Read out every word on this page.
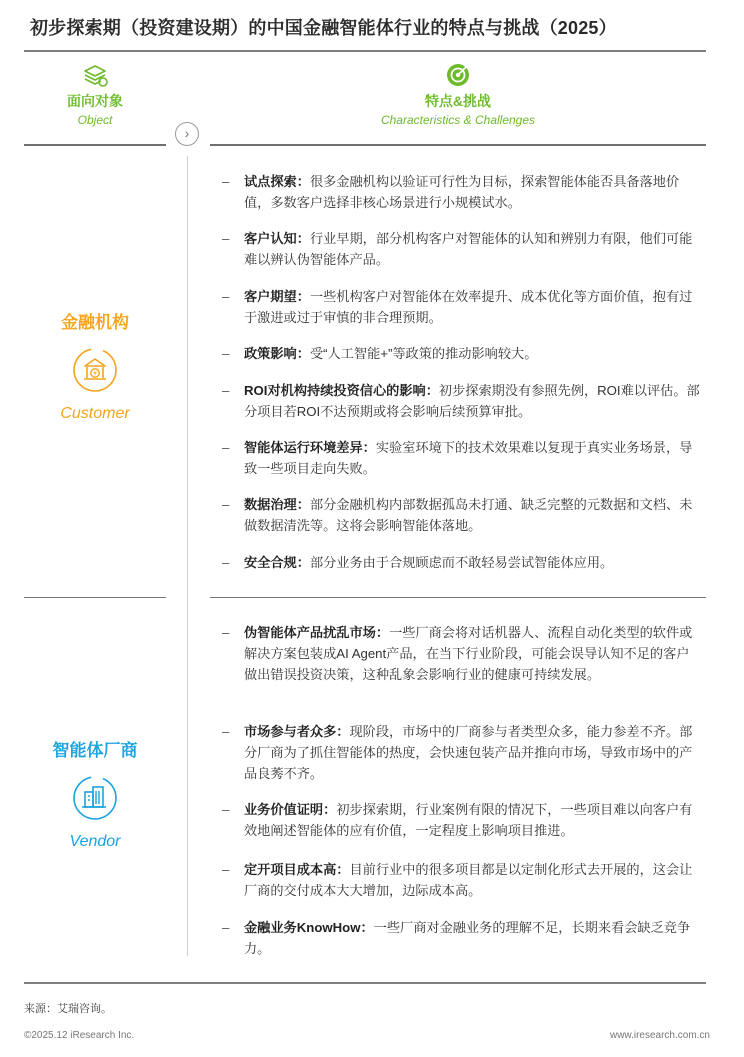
初步探索期（投资建设期）的中国金融智能体行业的特点与挑战（2025）
面向对象
Object
特点&挑战
Characteristics & Challenges
›
金融机构
¥
Customer
– 试点探索：很多金融机构以验证可行性为目标，探索智能体能否具备落地价值，多数客户选择非核心场景进行小规模试水。
– 客户认知：行业早期，部分机构客户对智能体的认知和辨别力有限，他们可能难以辨认伪智能体产品。
– 客户期望：一些机构客户对智能体在效率提升、成本优化等方面价值，抱有过于激进或过于审慎的非合理预期。
– 政策影响：受“人工智能+”等政策的推动影响较大。
– ROI对机构持续投资信心的影响：初步探索期没有参照先例，ROI难以评估。部分项目若ROI不达预期或将会影响后续预算审批。
– 智能体运行环境差异：实验室环境下的技术效果难以复现于真实业务场景，导致一些项目走向失败。
– 数据治理：部分金融机构内部数据孤岛未打通、缺乏完整的元数据和文档、未做数据清洗等。这将会影响智能体落地。
– 安全合规：部分业务由于合规顾虑而不敢轻易尝试智能体应用。
智能体厂商
Vendor
– 伪智能体产品扰乱市场：一些厂商会将对话机器人、流程自动化类型的软件或解决方案包装成AI Agent产品，在当下行业阶段，可能会误导认知不足的客户做出错误投资决策，这种乱象会影响行业的健康可持续发展。
– 市场参与者众多：现阶段，市场中的厂商参与者类型众多，能力参差不齐。部分厂商为了抓住智能体的热度，会快速包装产品并推向市场，导致市场中的产品良莠不齐。
– 业务价值证明：初步探索期，行业案例有限的情况下，一些项目难以向客户有效地阐述智能体的应有价值，一定程度上影响项目推进。
– 定开项目成本高：目前行业中的很多项目都是以定制化形式去开展的，这会让厂商的交付成本大大增加，边际成本高。
– 金融业务KnowHow：一些厂商对金融业务的理解不足，长期来看会缺乏竞争力。
来源：艾瑞咨询。
©2025.12 iResearch Inc.	www.iresearch.com.cn
